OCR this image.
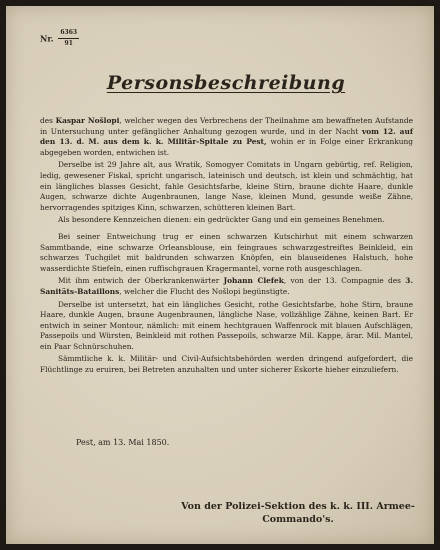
Nr. $\frac{6363}{91}$
Personsbeschreibung

des Kaspar Nošlopi, welcher wegen des Verbrechens der Theilnahme am bewaffneten Aufstande in Untersuchung unter gefänglicher Anhaltung gezogen wurde, und in der Nacht vom 12. auf den 13. d. M. aus dem k. k. Militär-Spitale zu Pest, wohin er in Folge einer Erkrankung abgegeben worden, entwichen ist.

Derselbe ist 29 Jahre alt, aus Wratik, Somogyer Comitats in Ungarn gebürtig, ref. Religion, ledig, gewesener Fiskal, spricht ungarisch, lateinisch und deutsch, ist klein und schmächtig, hat ein längliches blasses Gesicht, fahle Gesichtsfarbe, kleine Stirn, braune dichte Haare, dunkle Augen, schwarze dichte Augenbraunen, lange Nase, kleinen Mund, gesunde weiße Zähne, hervorragendes spitziges Kinn, schwarzen, schütteren kleinen Bart.

Als besondere Kennzeichen dienen: ein gedrückter Gang und ein gemeines Benehmen.

Bei seiner Entweichung trug er einen schwarzen Kutschirhut mit einem schwarzen Sammtbande, eine schwarze Orleansblouse, ein feingraues schwarzgestreiftes Beinkleid, ein schwarzes Tuchgilet mit baldrunden schwarzen Knöpfen, ein blauseidenes Halstuch, hohe wasserdichte Stiefeln, einen ruffischgrauen Kragermantel, vorne roth ausgeschlagen.

Mit ihm entwich der Oberkrankenwärter Johann Clefek, von der 13. Compagnie des 3. Sanitäts-Bataillons, welcher die Flucht des Nošlopi begünstigte.

Derselbe ist untersetzt, hat ein längliches Gesicht, rothe Gesichtsfarbe, hohe Stirn, braune Haare, dunkle Augen, braune Augenbraunen, längliche Nase, vollzählige Zähne, keinen Bart. Er entwich in seiner Montour, nämlich: mit einem hechtgrauen Waffenrock mit blauen Aufschlägen, Passepoils und Würsten, Beinkleid mit rothen Passepoils, schwarze Mil. Kappe, ärar. Mil. Mantel, ein Paar Schnürschuhen.

Sämmtliche k. k. Militär- und Civil-Aufsichtsbehörden werden dringend aufgefordert, die Flüchtlinge zu eruiren, bei Betreten anzuhalten und unter sicherer Eskorte hieher einzuliefern.

Pest, am 13. Mai 1850.
Von der Polizei-Sektion des k. k. III. Armee-
Commando's.
